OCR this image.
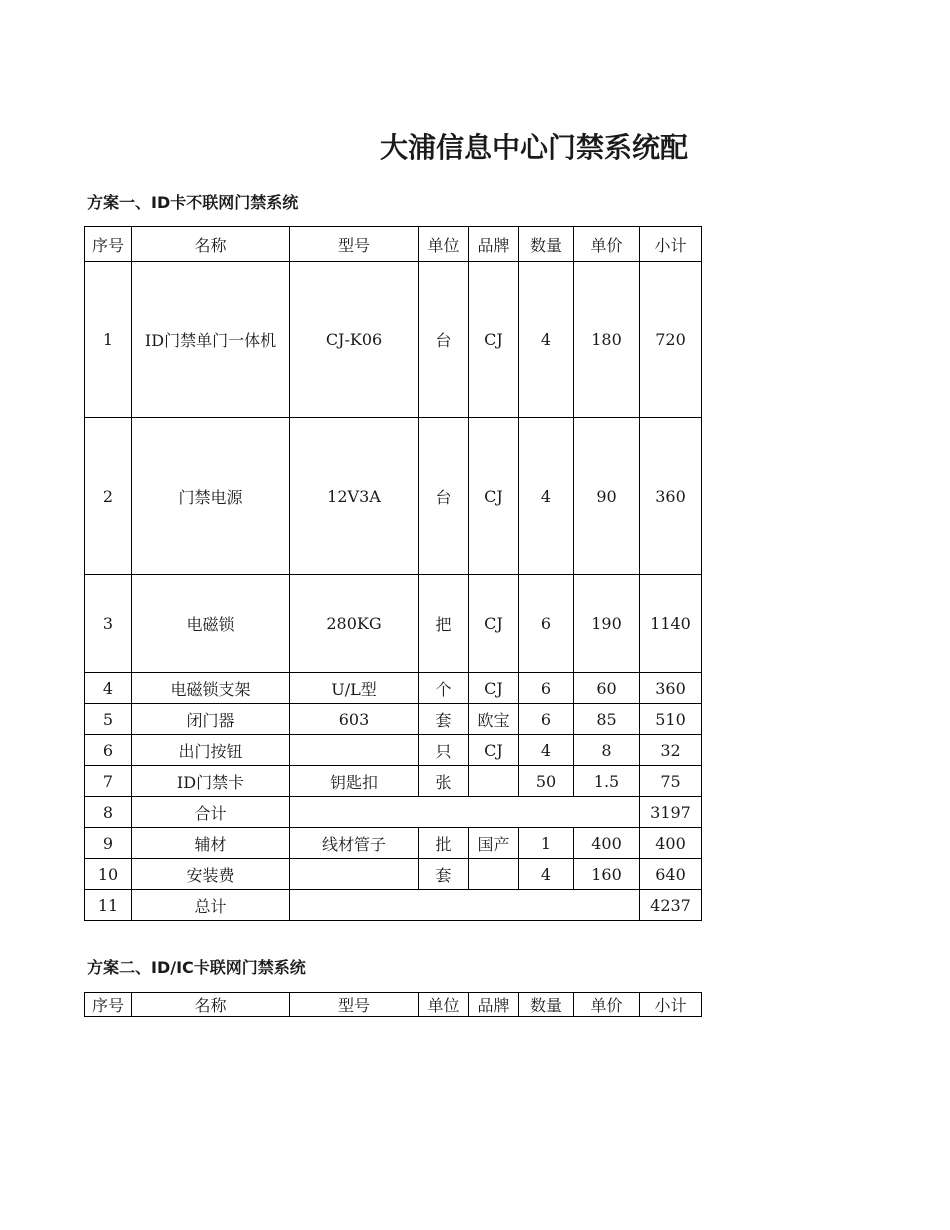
大浦信息中心门禁系统配
方案一、ID卡不联网门禁系统
序号	名称	型号	单位	品牌	数量	单价	小计
1	ID门禁单门一体机	CJ-K06	台	CJ	4	180	720
2	门禁电源	12V3A	台	CJ	4	90	360
3	电磁锁	280KG	把	CJ	6	190	1140
4	电磁锁支架	U/L型	个	CJ	6	60	360
5	闭门器	603	套	欧宝	6	85	510
6	出门按钮		只	CJ	4	8	32
7	ID门禁卡	钥匙扣	张		50	1.5	75
8	合计						3197
9	辅材	线材管子	批	国产	1	400	400
10	安装费		套		4	160	640
11	总计						4237
方案二、ID/IC卡联网门禁系统
序号	名称	型号	单位	品牌	数量	单价	小计
